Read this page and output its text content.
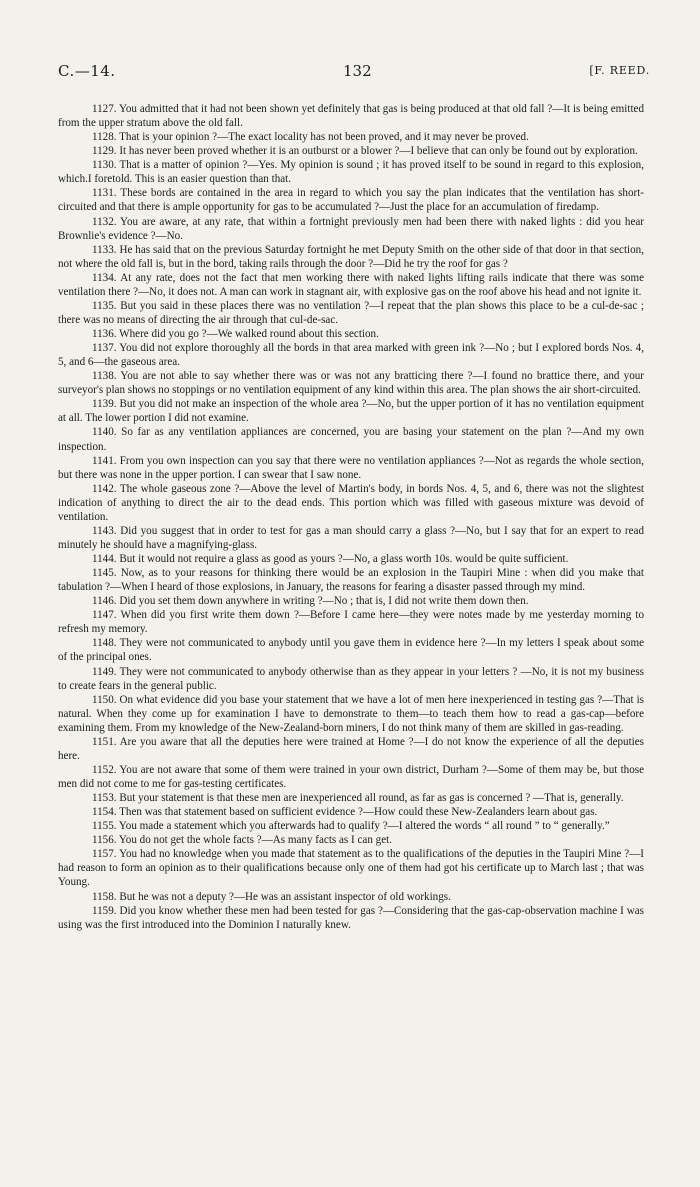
C.—14.	132	[F. REED.

1127. You admitted that it had not been shown yet definitely that gas is being produced at that old fall ?—It is being emitted from the upper stratum above the old fall.

1128. That is your opinion ?—The exact locality has not been proved, and it may never be proved.

1129. It has never been proved whether it is an outburst or a blower ?—I believe that can only be found out by exploration.

1130. That is a matter of opinion ?—Yes. My opinion is sound ; it has proved itself to be sound in regard to this explosion, which.I foretold. This is an easier question than that.

1131. These bords are contained in the area in regard to which you say the plan indicates that the ventilation has short-circuited and that there is ample opportunity for gas to be accumulated ?—Just the place for an accumulation of firedamp.

1132. You are aware, at any rate, that within a fortnight previously men had been there with naked lights : did you hear Brownlie's evidence ?—No.

1133. He has said that on the previous Saturday fortnight he met Deputy Smith on the other side of that door in that section, not where the old fall is, but in the bord, taking rails through the door ?—Did he try the roof for gas ?

1134. At any rate, does not the fact that men working there with naked lights lifting rails indicate that there was some ventilation there ?—No, it does not. A man can work in stagnant air, with explosive gas on the roof above his head and not ignite it.

1135. But you said in these places there was no ventilation ?—I repeat that the plan shows this place to be a cul-de-sac ; there was no means of directing the air through that cul-de-sac.

1136. Where did you go ?—We walked round about this section.

1137. You did not explore thoroughly all the bords in that area marked with green ink ?—No ; but I explored bords Nos. 4, 5, and 6—the gaseous area.

1138. You are not able to say whether there was or was not any bratticing there ?—I found no brattice there, and your surveyor's plan shows no stoppings or no ventilation equipment of any kind within this area. The plan shows the air short-circuited.

1139. But you did not make an inspection of the whole area ?—No, but the upper portion of it has no ventilation equipment at all. The lower portion I did not examine.

1140. So far as any ventilation appliances are concerned, you are basing your statement on the plan ?—And my own inspection.

1141. From you own inspection can you say that there were no ventilation appliances ?—Not as regards the whole section, but there was none in the upper portion. I can swear that I saw none.

1142. The whole gaseous zone ?—Above the level of Martin's body, in bords Nos. 4, 5, and 6, there was not the slightest indication of anything to direct the air to the dead ends. This portion which was filled with gaseous mixture was devoid of ventilation.

1143. Did you suggest that in order to test for gas a man should carry a glass ?—No, but I say that for an expert to read minutely he should have a magnifying-glass.

1144. But it would not require a glass as good as yours ?—No, a glass worth 10s. would be quite sufficient.

1145. Now, as to your reasons for thinking there would be an explosion in the Taupiri Mine : when did you make that tabulation ?—When I heard of those explosions, in January, the reasons for fearing a disaster passed through my mind.

1146. Did you set them down anywhere in writing ?—No ; that is, I did not write them down then.

1147. When did you first write them down ?—Before I came here—they were notes made by me yesterday morning to refresh my memory.

1148. They were not communicated to anybody until you gave them in evidence here ?—In my letters I speak about some of the principal ones.

1149. They were not communicated to anybody otherwise than as they appear in your letters ? —No, it is not my business to create fears in the general public.

1150. On what evidence did you base your statement that we have a lot of men here inexperienced in testing gas ?—That is natural. When they come up for examination I have to demonstrate to them—to teach them how to read a gas-cap—before examining them. From my knowledge of the New-Zealand-born miners, I do not think many of them are skilled in gas-reading.

1151. Are you aware that all the deputies here were trained at Home ?—I do not know the experience of all the deputies here.

1152. You are not aware that some of them were trained in your own district, Durham ?—Some of them may be, but those men did not come to me for gas-testing certificates.

1153. But your statement is that these men are inexperienced all round, as far as gas is concerned ? —That is, generally.

1154. Then was that statement based on sufficient evidence ?—How could these New-Zealanders learn about gas.

1155. You made a statement which you afterwards had to qualify ?—I altered the words “ all round ” to “ generally.”

1156. You do not get the whole facts ?—As many facts as I can get.

1157. You had no knowledge when you made that statement as to the qualifications of the deputies in the Taupiri Mine ?—I had reason to form an opinion as to their qualifications because only one of them had got his certificate up to March last ; that was Young.

1158. But he was not a deputy ?—He was an assistant inspector of old workings.

1159. Did you know whether these men had been tested for gas ?—Considering that the gas-cap-observation machine I was using was the first introduced into the Dominion I naturally knew.
